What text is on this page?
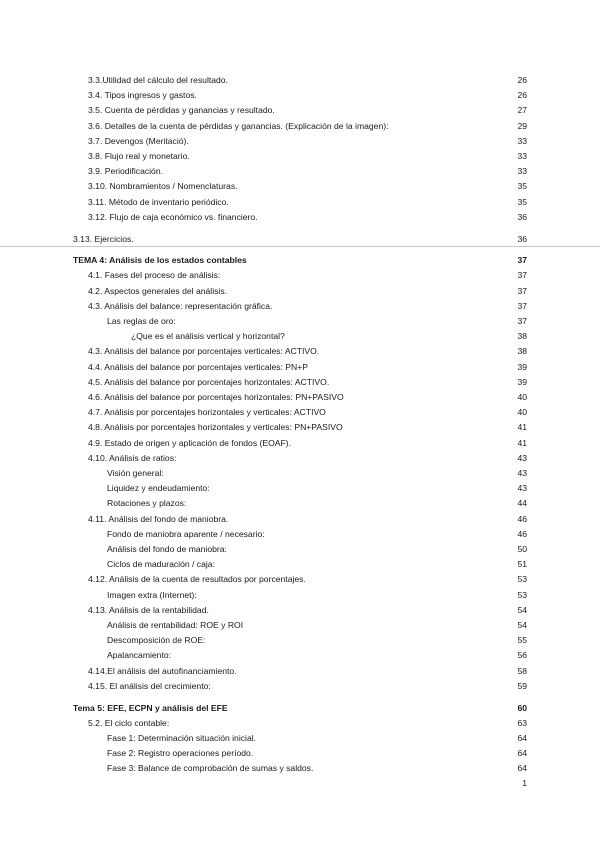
3.3.Utilidad del cálculo del resultado.	26
3.4. Tipos ingresos y gastos.	26
3.5. Cuenta de pérdidas y ganancias y resultado.	27
3.6. Detalles de la cuenta de pérdidas y ganancias. (Explicación de la imagen):	29
3.7. Devengos (Meritació).	33
3.8. Flujo real y monetario.	33
3.9. Periodificación.	33
3.10. Nombramientos / Nomenclaturas.	35
3.11. Método de inventario periódico.	35
3.12. Flujo de caja económico vs. financiero.	36
3.13. Ejercicios.	36
TEMA 4: Análisis de los estados contables	37
4.1. Fases del proceso de análisis:	37
4.2. Aspectos generales del análisis.	37
4.3. Análisis del balance: representación gráfica.	37
Las reglas de oro:	37
¿Que es el análisis vertical y horizontal?	38
4.3. Análisis del balance por porcentajes verticales: ACTIVO.	38
4.4. Análisis del balance por porcentajes verticales: PN+P	39
4.5. Análisis del balance por porcentajes horizontales: ACTIVO.	39
4.6. Análisis del balance por porcentajes horizontales: PN+PASIVO	40
4.7. Análisis por porcentajes horizontales y verticales: ACTIVO	40
4.8. Análisis por porcentajes horizontales y verticales: PN+PASIVO	41
4.9. Estado de origen y aplicación de fondos (EOAF).	41
4.10. Análisis de ratios:	43
Visión general:	43
Liquidez y endeudamiento:	43
Rotaciones y plazos:	44
4.11. Análisis del fondo de maniobra.	46
Fondo de maniobra aparente / necesario:	46
Análisis del fondo de maniobra:	50
Ciclos de maduración / caja:	51
4.12. Análisis de la cuenta de resultados por porcentajes.	53
Imagen extra (Internet):	53
4.13. Análisis de la rentabilidad.	54
Análisis de rentabilidad: ROE y ROI	54
Descomposición de ROE:	55
Apalancamiento:	56
4.14.El análisis del autofinanciamiento.	58
4.15. El análisis del crecimiento:	59
Tema 5: EFE, ECPN y análisis del EFE	60
5.2. El ciclo contable:	63
Fase 1: Determinación situación inicial.	64
Fase 2: Registro operaciones período.	64
Fase 3: Balance de comprobación de sumas y saldos.	64
1
